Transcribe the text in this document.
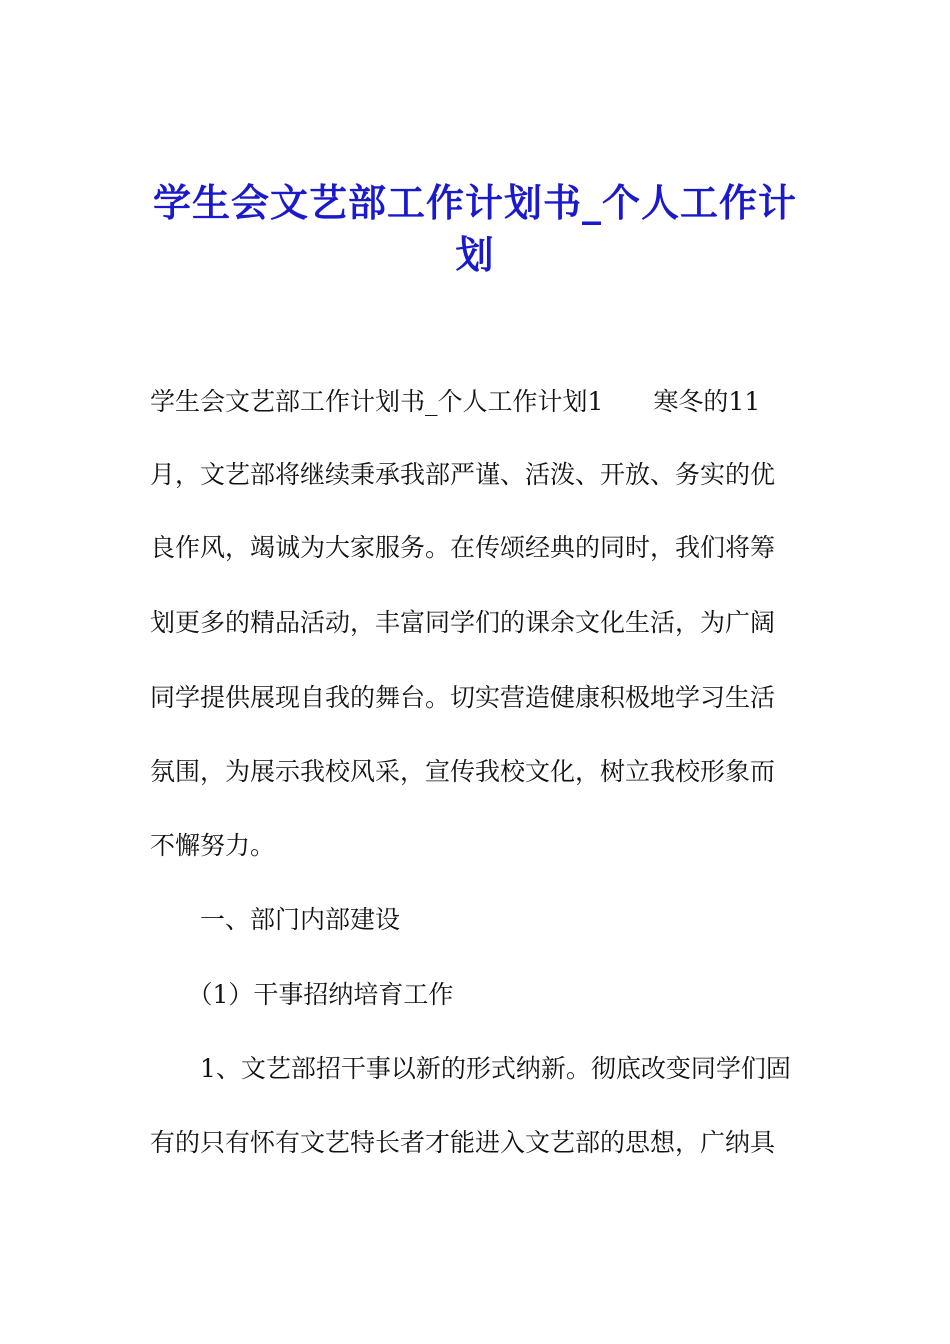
学生会文艺部工作计划书_个人工作计
划
学生会文艺部工作计划书_个人工作计划1　　寒冬的11
月，文艺部将继续秉承我部严谨、活泼、开放、务实的优
良作风，竭诚为大家服务。在传颂经典的同时，我们将筹
划更多的精品活动，丰富同学们的课余文化生活，为广阔
同学提供展现自我的舞台。切实营造健康积极地学习生活
氛围，为展示我校风采，宣传我校文化，树立我校形象而
不懈努力。
　　一、部门内部建设
　　（1）干事招纳培育工作
　　1、文艺部招干事以新的形式纳新。彻底改变同学们固
有的只有怀有文艺特长者才能进入文艺部的思想，广纳具
